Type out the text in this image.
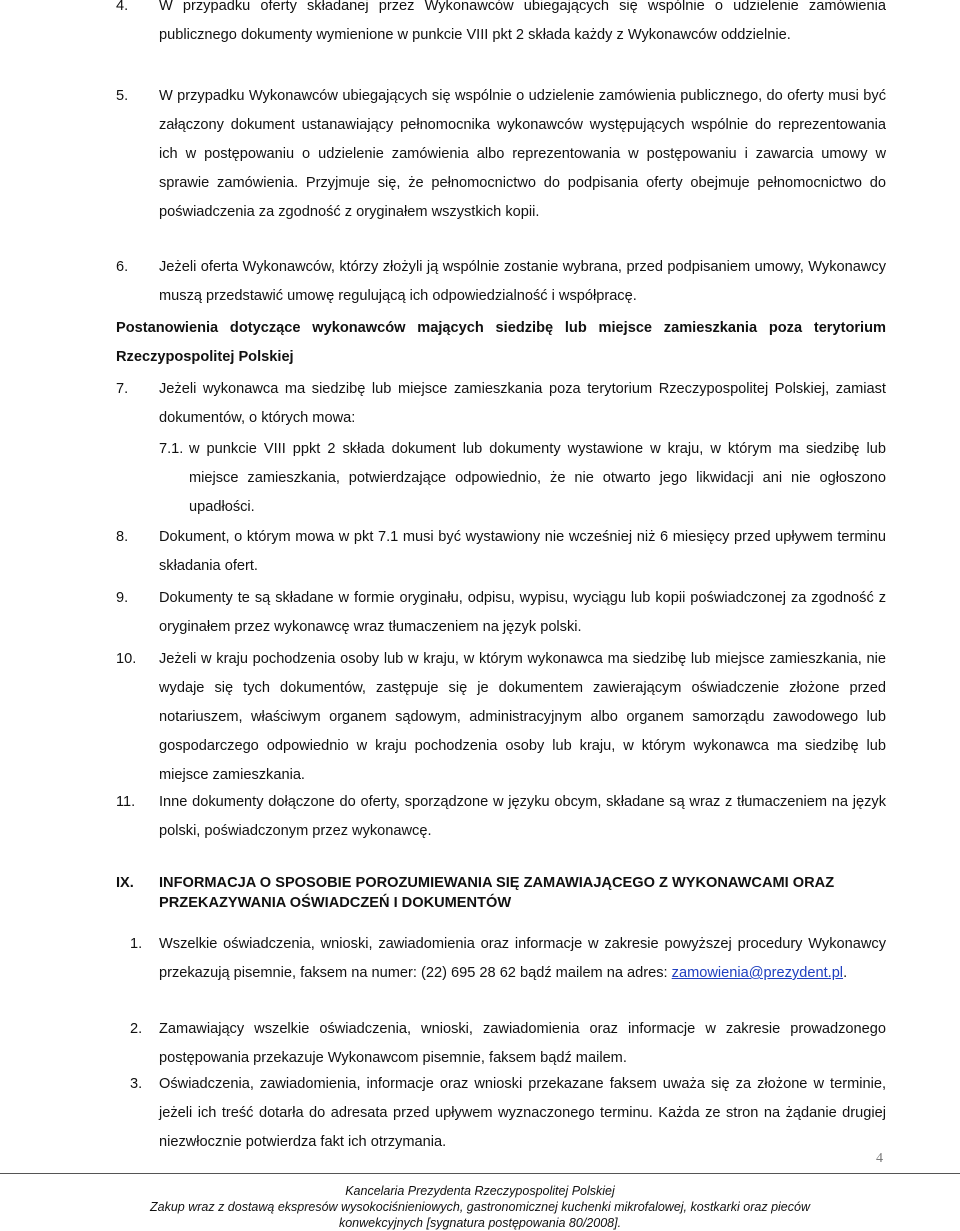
4. W przypadku oferty składanej przez Wykonawców ubiegających się wspólnie o udzielenie zamówienia publicznego dokumenty wymienione w punkcie VIII pkt 2 składa każdy z Wykonawców oddzielnie.
5. W przypadku Wykonawców ubiegających się wspólnie o udzielenie zamówienia publicznego, do oferty musi być załączony dokument ustanawiający pełnomocnika wykonawców występujących wspólnie do reprezentowania ich w postępowaniu o udzielenie zamówienia albo reprezentowania w postępowaniu i zawarcia umowy w sprawie zamówienia. Przyjmuje się, że pełnomocnictwo do podpisania oferty obejmuje pełnomocnictwo do poświadczenia za zgodność z oryginałem wszystkich kopii.
6. Jeżeli oferta Wykonawców, którzy złożyli ją wspólnie zostanie wybrana, przed podpisaniem umowy, Wykonawcy muszą przedstawić umowę regulującą ich odpowiedzialność i współpracę.
Postanowienia dotyczące wykonawców mających siedzibę lub miejsce zamieszkania poza terytorium Rzeczypospolitej Polskiej
7. Jeżeli wykonawca ma siedzibę lub miejsce zamieszkania poza terytorium Rzeczypospolitej Polskiej, zamiast dokumentów, o których mowa:
7.1. w punkcie VIII ppkt 2 składa dokument lub dokumenty wystawione w kraju, w którym ma siedzibę lub miejsce zamieszkania, potwierdzające odpowiednio, że nie otwarto jego likwidacji ani nie ogłoszono upadłości.
8. Dokument, o którym mowa w pkt 7.1 musi być wystawiony nie wcześniej niż 6 miesięcy przed upływem terminu składania ofert.
9. Dokumenty te są składane w formie oryginału, odpisu, wypisu, wyciągu lub kopii poświadczonej za zgodność z oryginałem przez wykonawcę wraz tłumaczeniem na język polski.
10. Jeżeli w kraju pochodzenia osoby lub w kraju, w którym wykonawca ma siedzibę lub miejsce zamieszkania, nie wydaje się tych dokumentów, zastępuje się je dokumentem zawierającym oświadczenie złożone przed notariuszem, właściwym organem sądowym, administracyjnym albo organem samorządu zawodowego lub gospodarczego odpowiednio w kraju pochodzenia osoby lub kraju, w którym wykonawca ma siedzibę lub miejsce zamieszkania.
11. Inne dokumenty dołączone do oferty, sporządzone w języku obcym, składane są wraz z tłumaczeniem na język polski, poświadczonym przez wykonawcę.
IX. INFORMACJA O SPOSOBIE POROZUMIEWANIA SIĘ ZAMAWIAJĄCEGO Z WYKONAWCAMI ORAZ PRZEKAZYWANIA OŚWIADCZEŃ I DOKUMENTÓW
1. Wszelkie oświadczenia, wnioski, zawiadomienia oraz informacje w zakresie powyższej procedury Wykonawcy przekazują pisemnie, faksem na numer: (22) 695 28 62 bądź mailem na adres: zamowienia@prezydent.pl.
2. Zamawiający wszelkie oświadczenia, wnioski, zawiadomienia oraz informacje w zakresie prowadzonego postępowania przekazuje Wykonawcom pisemnie, faksem bądź mailem.
3. Oświadczenia, zawiadomienia, informacje oraz wnioski przekazane faksem uważa się za złożone w terminie, jeżeli ich treść dotarła do adresata przed upływem wyznaczonego terminu. Każda ze stron na żądanie drugiej niezwłocznie potwierdza fakt ich otrzymania.
4
Kancelaria Prezydenta Rzeczypospolitej Polskiej
Zakup wraz z dostawą ekspresów wysokociśnieniowych, gastronomicznej kuchenki mikrofalowej, kostkarki oraz pieców
konwekcyjnych [sygnatura postępowania 80/2008].
